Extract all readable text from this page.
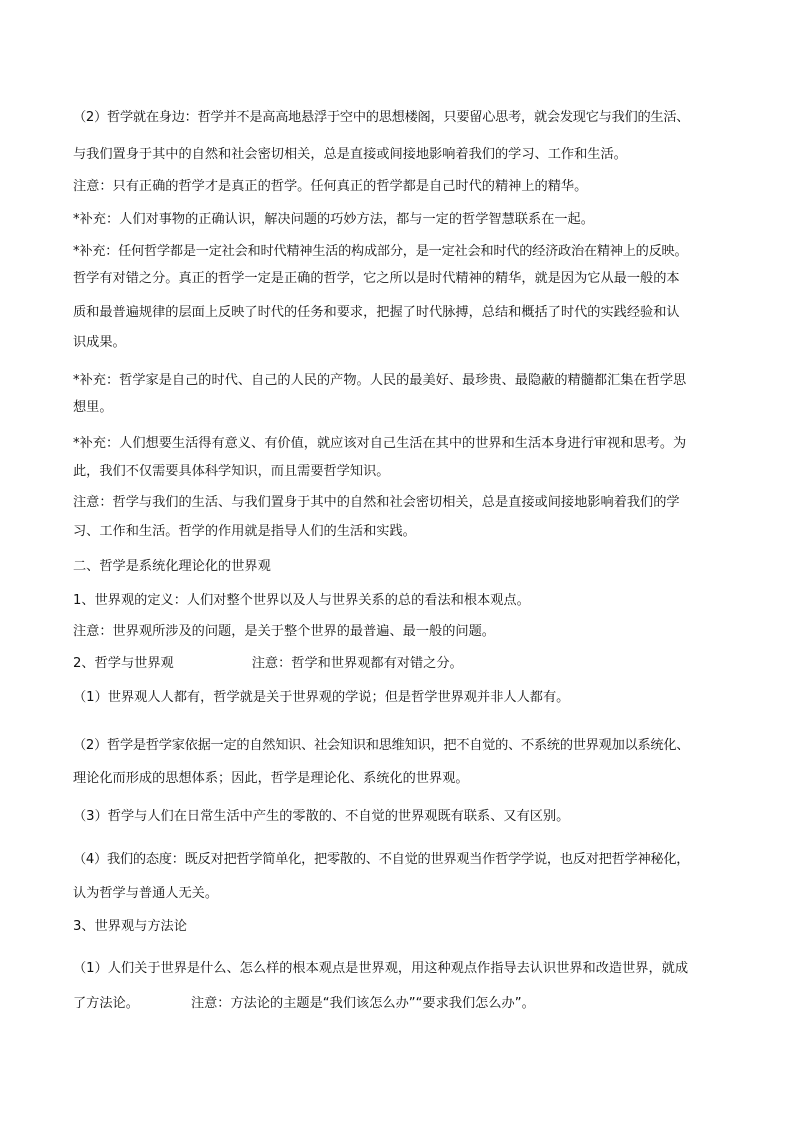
（2）哲学就在身边：哲学并不是高高地悬浮于空中的思想楼阁，只要留心思考，就会发现它与我们的生活、
与我们置身于其中的自然和社会密切相关，总是直接或间接地影响着我们的学习、工作和生活。
注意：只有正确的哲学才是真正的哲学。任何真正的哲学都是自己时代的精神上的精华。
*补充：人们对事物的正确认识，解决问题的巧妙方法，都与一定的哲学智慧联系在一起。
*补充：任何哲学都是一定社会和时代精神生活的构成部分，是一定社会和时代的经济政治在精神上的反映。
哲学有对错之分。真正的哲学一定是正确的哲学，它之所以是时代精神的精华，就是因为它从最一般的本
质和最普遍规律的层面上反映了时代的任务和要求，把握了时代脉搏，总结和概括了时代的实践经验和认
识成果。
*补充：哲学家是自己的时代、自己的人民的产物。人民的最美好、最珍贵、最隐蔽的精髓都汇集在哲学思
想里。
*补充：人们想要生活得有意义、有价值，就应该对自己生活在其中的世界和生活本身进行审视和思考。为
此，我们不仅需要具体科学知识，而且需要哲学知识。
注意：哲学与我们的生活、与我们置身于其中的自然和社会密切相关，总是直接或间接地影响着我们的学
习、工作和生活。哲学的作用就是指导人们的生活和实践。
二、哲学是系统化理论化的世界观
1、世界观的定义：人们对整个世界以及人与世界关系的总的看法和根本观点。
注意：世界观所涉及的问题，是关于整个世界的最普遍、最一般的问题。
2、哲学与世界观	注意：哲学和世界观都有对错之分。
（1）世界观人人都有，哲学就是关于世界观的学说；但是哲学世界观并非人人都有。
（2）哲学是哲学家依据一定的自然知识、社会知识和思维知识，把不自觉的、不系统的世界观加以系统化、
理论化而形成的思想体系；因此，哲学是理论化、系统化的世界观。
（3）哲学与人们在日常生活中产生的零散的、不自觉的世界观既有联系、又有区别。
（4）我们的态度：既反对把哲学简单化，把零散的、不自觉的世界观当作哲学学说，也反对把哲学神秘化，
认为哲学与普通人无关。
3、世界观与方法论
（1）人们关于世界是什么、怎么样的根本观点是世界观，用这种观点作指导去认识世界和改造世界，就成
了方法论。	注意：方法论的主题是“我们该怎么办”“要求我们怎么办”。
